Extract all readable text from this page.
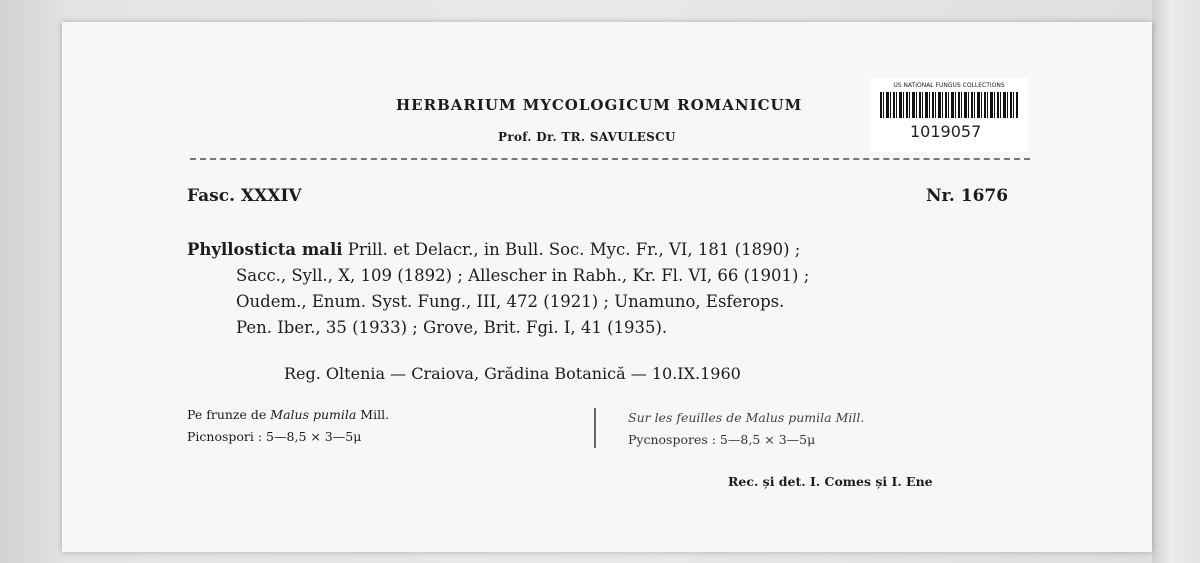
HERBARIUM MYCOLOGICUM ROMANICUM
Prof. Dr. TR. SAVULESCU
US NATIONAL FUNGUS COLLECTIONS
1019057
Fasc. XXXIV	Nr. 1676
Phyllosticta mali Prill. et Delacr., in Bull. Soc. Myc. Fr., VI, 181 (1890) ;
Sacc., Syll., X, 109 (1892) ; Allescher in Rabh., Kr. Fl. VI, 66 (1901) ;
Oudem., Enum. Syst. Fung., III, 472 (1921) ; Unamuno, Esferops.
Pen. Iber., 35 (1933) ; Grove, Brit. Fgi. I, 41 (1935).
Reg. Oltenia — Craiova, Grădina Botanică — 10.IX.1960
Pe frunze de Malus pumila Mill.
Picnospori : 5—8,5 × 3—5μ
Sur les feuilles de Malus pumila Mill.
Pycnospores : 5—8,5 × 3—5μ
Rec. și det. I. Comes și I. Ene
